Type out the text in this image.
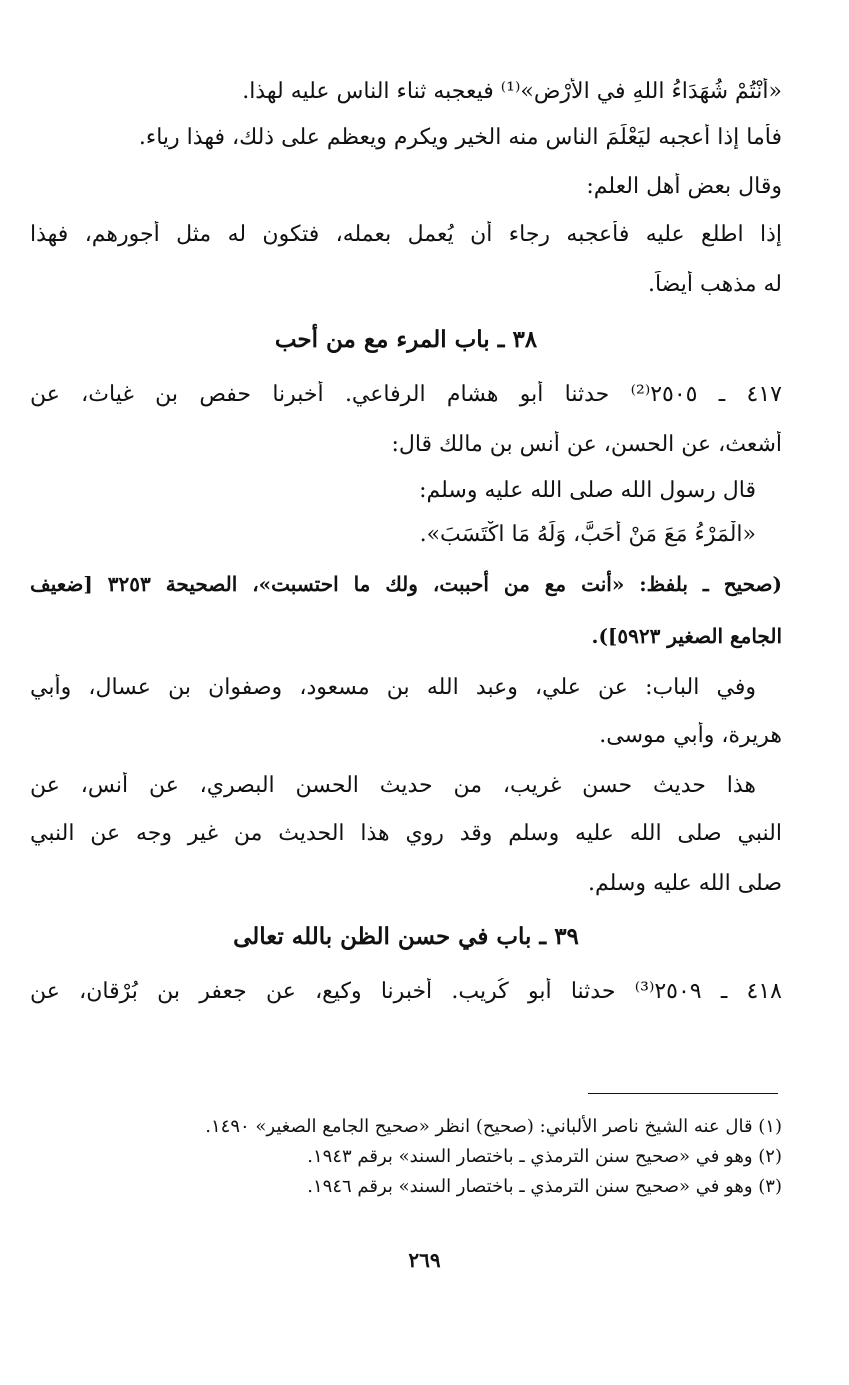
«أَنْتُمْ شُهَدَاءُ اللهِ في الأَرْضِ»⁽¹⁾ فيعجبه ثناء الناس عليه لهذا.

فأما إذا أعجبه ليَعْلَمَ الناس منه الخير ويكرم ويعظم على ذلك، فهذا رياء.

وقال بعض أهل العلم:

إذا اطلع عليه فأعجبه رجاء أن يُعمل بعمله، فتكون له مثل أُجورهم، فهذا

له مذهب أيضاً.

٣٨ ـ باب المرء مع من أحب

٤١٧ ـ ٢٥٠٥⁽²⁾ حدثنا أبو هشام الرفاعي. أخبرنا حفص بن غياث، عن

أشعث، عن الحسن، عن أنس بن مالك قال:

قال رسول الله صلى الله عليه وسلم:

«الْمَرْءُ مَعَ مَنْ أَحَبَّ، وَلَهُ مَا اكْتَسَبَ».

(صحيح ـ بلفظ: «أنت مع من أحببت، ولك ما احتسبت»، الصحيحة ٣٢٥٣ [ضعيف

الجامع الصغير ٥٩٢٣]).

وفي الباب: عن علي، وعبد الله بن مسعود، وصفوان بن عسال، وأبي

هريرة، وأبي موسى.

هذا حديث حسن غريب، من حديث الحسن البصري، عن أنس، عن

النبي صلى الله عليه وسلم وقد روي هذا الحديث من غير وجه عن النبي

صلى الله عليه وسلم.

٣٩ ـ باب في حسن الظن بالله تعالى

٤١٨ ـ ٢٥٠٩⁽³⁾ حدثنا أبو كُريب. أخبرنا وكيع، عن جعفر بن بُرْقان، عن

(١) قال عنه الشيخ ناصر الألباني: (صحيح) انظر «صحيح الجامع الصغير» ١٤٩٠.

(٢) وهو في «صحيح سنن الترمذي ـ باختصار السند» برقم ١٩٤٣.

(٣) وهو في «صحيح سنن الترمذي ـ باختصار السند» برقم ١٩٤٦.

٢٦٩
